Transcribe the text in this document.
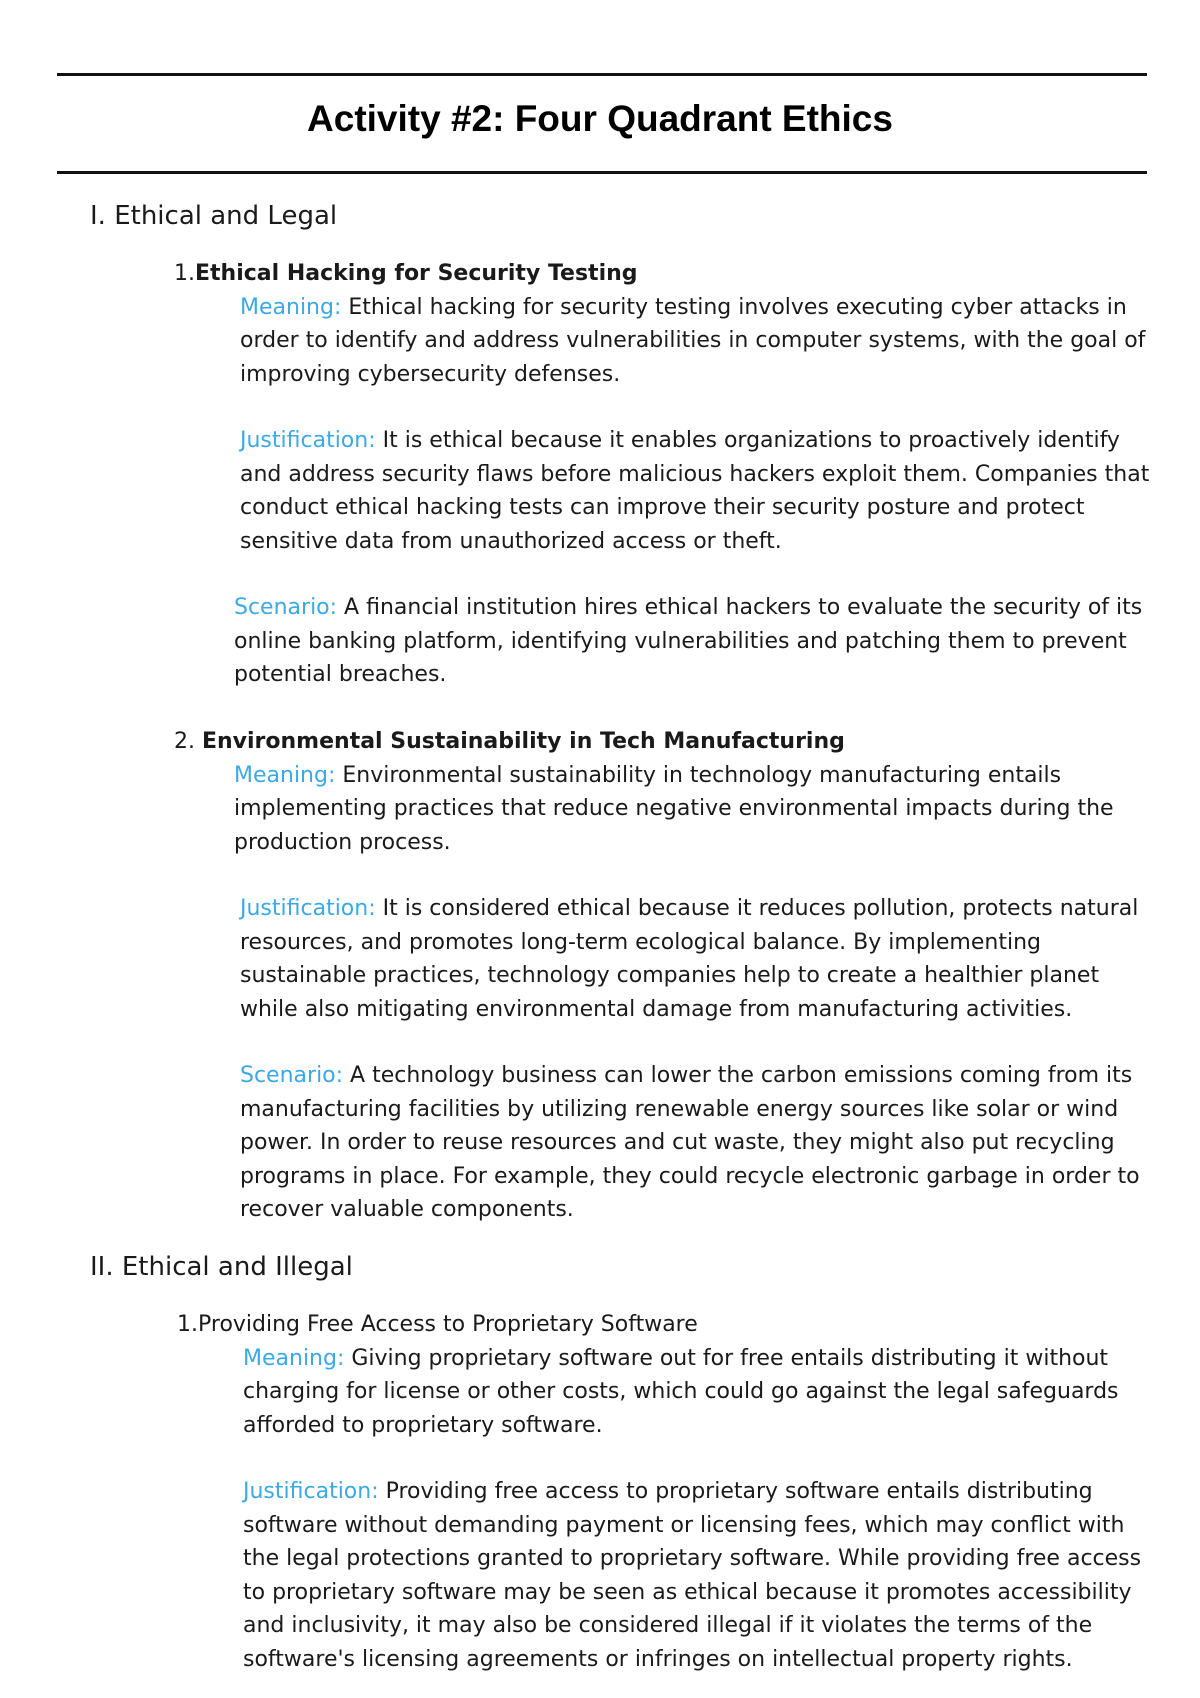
Activity #2: Four Quadrant Ethics
I. Ethical and Legal

1.Ethical Hacking for Security Testing

Meaning: Ethical hacking for security testing involves executing cyber attacks in order to identify and address vulnerabilities in computer systems, with the goal of improving cybersecurity defenses.

Justification: It is ethical because it enables organizations to proactively identify and address security flaws before malicious hackers exploit them. Companies that conduct ethical hacking tests can improve their security posture and protect sensitive data from unauthorized access or theft.

Scenario: A financial institution hires ethical hackers to evaluate the security of its online banking platform, identifying vulnerabilities and patching them to prevent potential breaches.

2. Environmental Sustainability in Tech Manufacturing

Meaning: Environmental sustainability in technology manufacturing entails implementing practices that reduce negative environmental impacts during the production process.

Justification: It is considered ethical because it reduces pollution, protects natural resources, and promotes long-term ecological balance. By implementing sustainable practices, technology companies help to create a healthier planet while also mitigating environmental damage from manufacturing activities.

Scenario: A technology business can lower the carbon emissions coming from its manufacturing facilities by utilizing renewable energy sources like solar or wind power. In order to reuse resources and cut waste, they might also put recycling programs in place. For example, they could recycle electronic garbage in order to recover valuable components.

II. Ethical and Illegal

1.Providing Free Access to Proprietary Software

Meaning: Giving proprietary software out for free entails distributing it without charging for license or other costs, which could go against the legal safeguards afforded to proprietary software.

Justification: Providing free access to proprietary software entails distributing software without demanding payment or licensing fees, which may conflict with the legal protections granted to proprietary software. While providing free access to proprietary software may be seen as ethical because it promotes accessibility and inclusivity, it may also be considered illegal if it violates the terms of the software's licensing agreements or infringes on intellectual property rights.
